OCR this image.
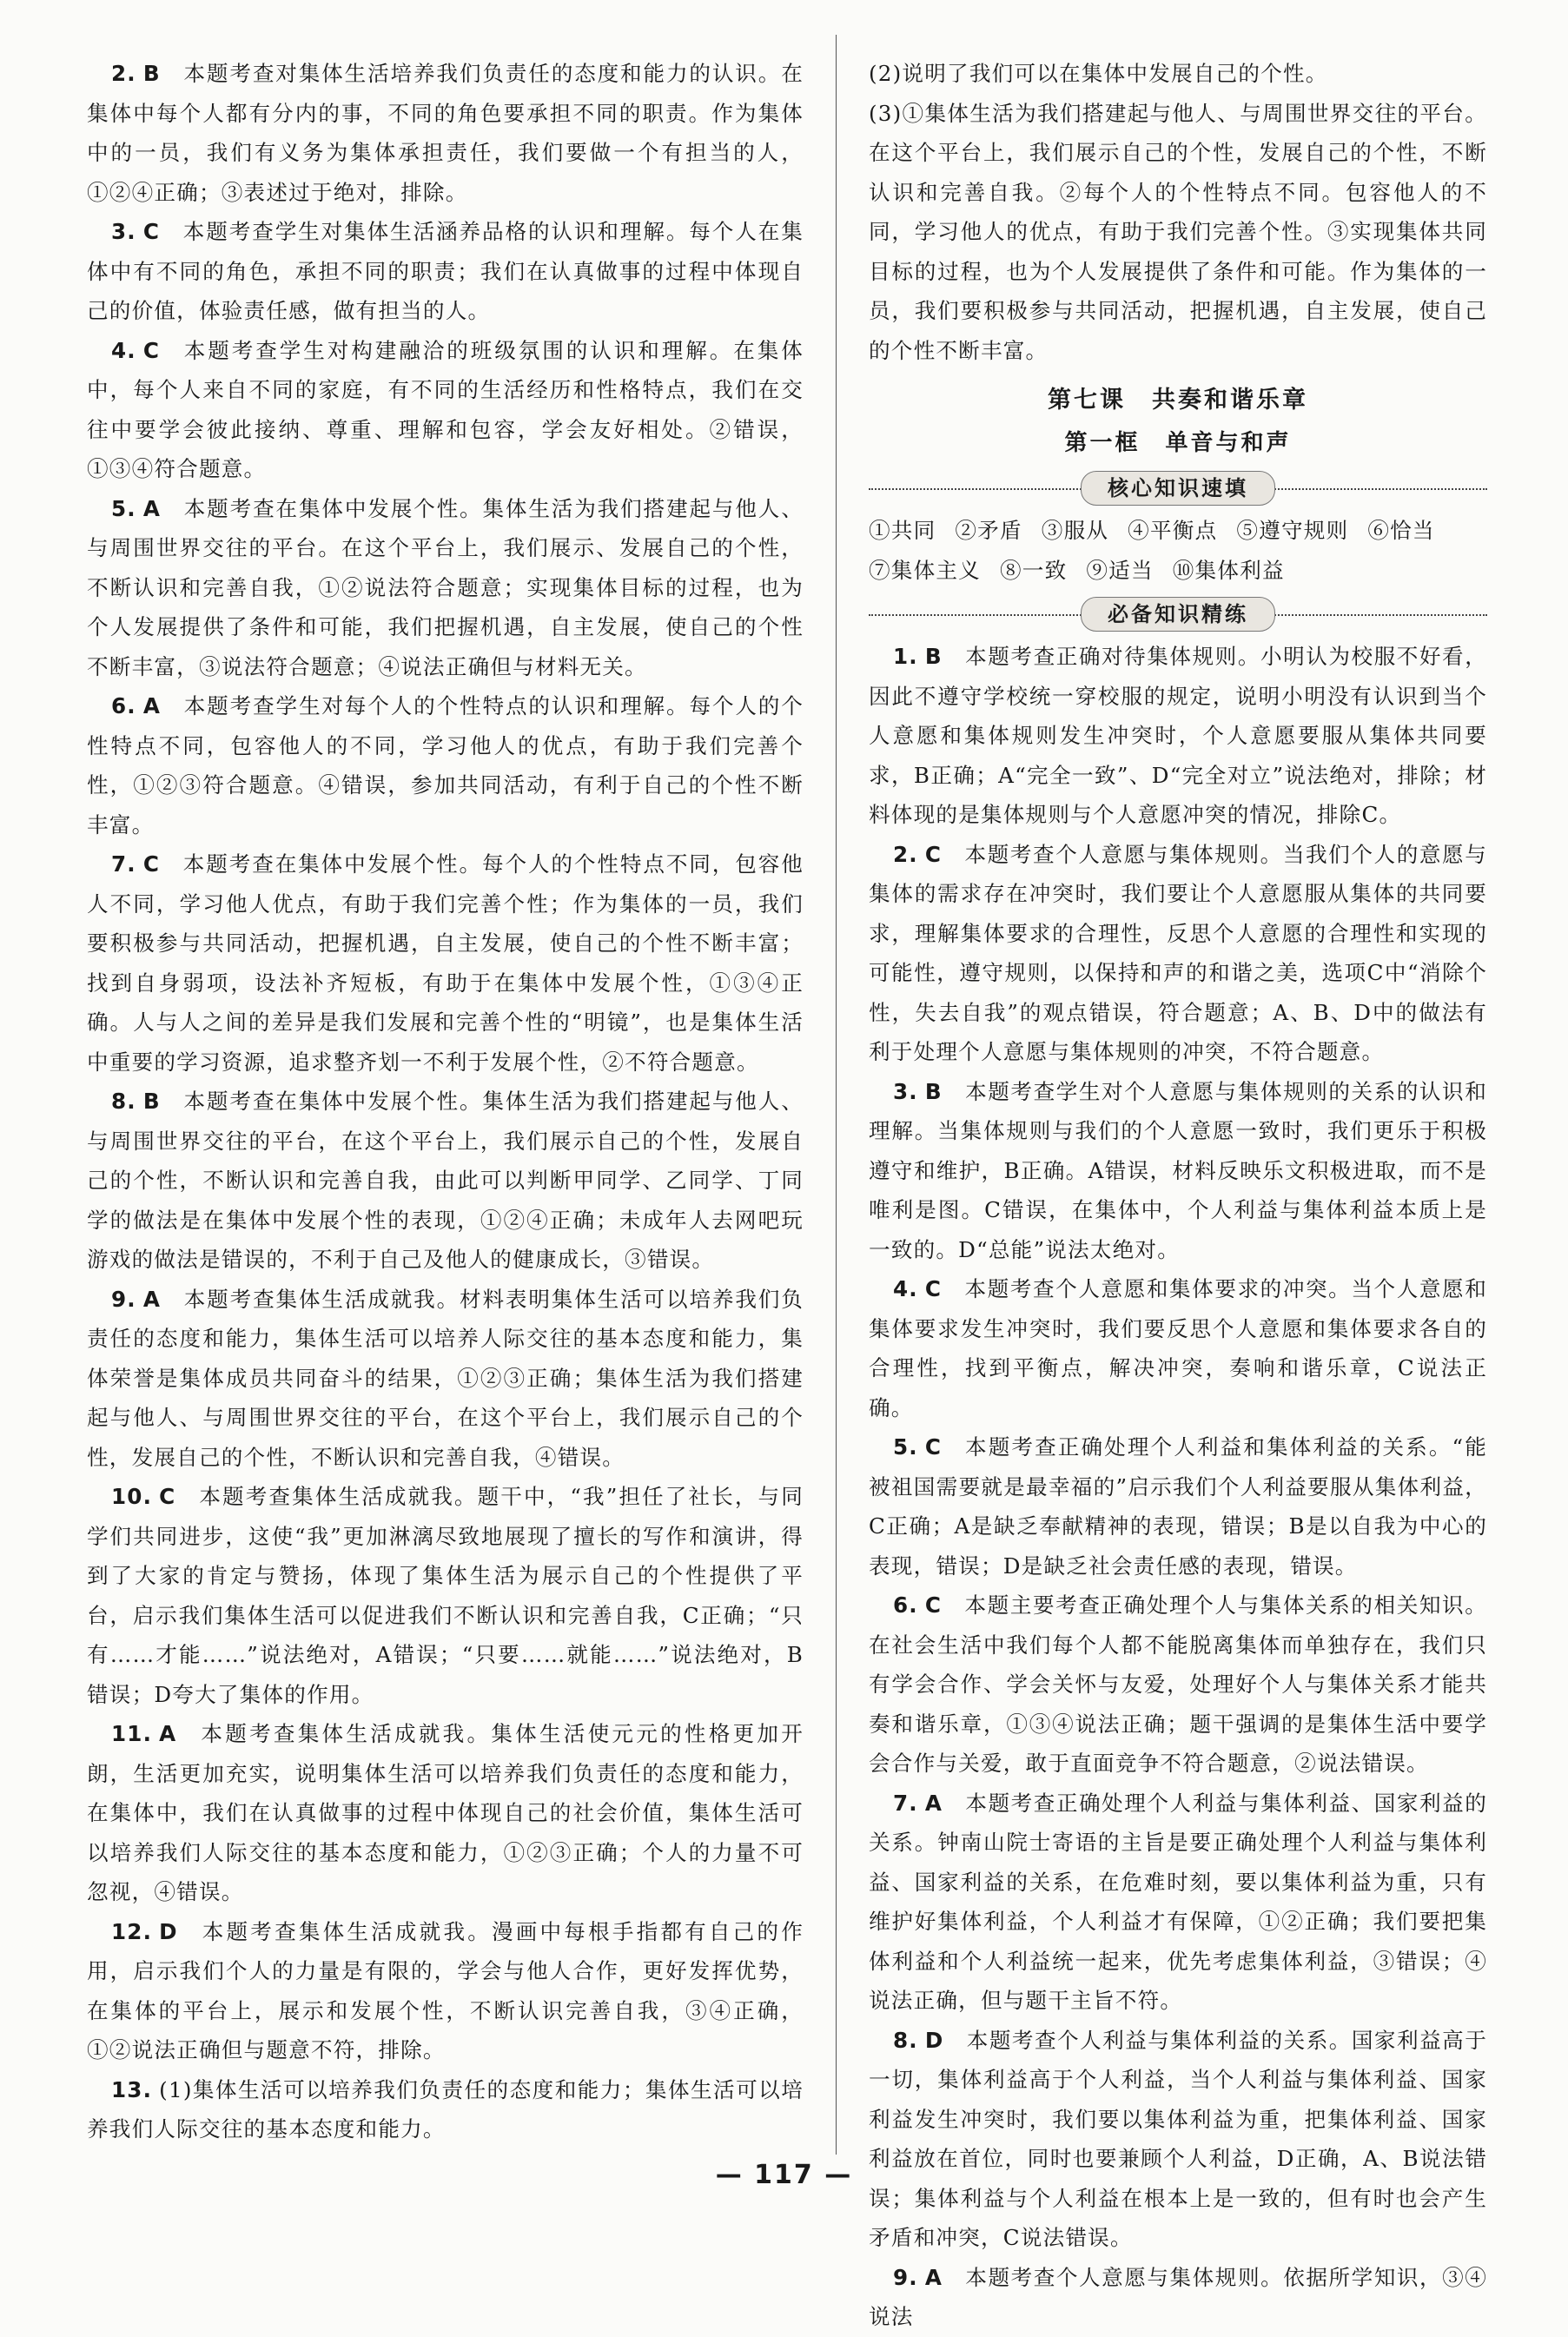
2. B 本题考查对集体生活培养我们负责任的态度和能力的认识。在集体中每个人都有分内的事，不同的角色要承担不同的职责。作为集体中的一员，我们有义务为集体承担责任，我们要做一个有担当的人，①②④正确；③表述过于绝对，排除。

3. C 本题考查学生对集体生活涵养品格的认识和理解。每个人在集体中有不同的角色，承担不同的职责；我们在认真做事的过程中体现自己的价值，体验责任感，做有担当的人。

4. C 本题考查学生对构建融洽的班级氛围的认识和理解。在集体中，每个人来自不同的家庭，有不同的生活经历和性格特点，我们在交往中要学会彼此接纳、尊重、理解和包容，学会友好相处。②错误，①③④符合题意。

5. A 本题考查在集体中发展个性。集体生活为我们搭建起与他人、与周围世界交往的平台。在这个平台上，我们展示、发展自己的个性，不断认识和完善自我，①②说法符合题意；实现集体目标的过程，也为个人发展提供了条件和可能，我们把握机遇，自主发展，使自己的个性不断丰富，③说法符合题意；④说法正确但与材料无关。

6. A 本题考查学生对每个人的个性特点的认识和理解。每个人的个性特点不同，包容他人的不同，学习他人的优点，有助于我们完善个性，①②③符合题意。④错误，参加共同活动，有利于自己的个性不断丰富。

7. C 本题考查在集体中发展个性。每个人的个性特点不同，包容他人不同，学习他人优点，有助于我们完善个性；作为集体的一员，我们要积极参与共同活动，把握机遇，自主发展，使自己的个性不断丰富；找到自身弱项，设法补齐短板，有助于在集体中发展个性，①③④正确。人与人之间的差异是我们发展和完善个性的“明镜”，也是集体生活中重要的学习资源，追求整齐划一不利于发展个性，②不符合题意。

8. B 本题考查在集体中发展个性。集体生活为我们搭建起与他人、与周围世界交往的平台，在这个平台上，我们展示自己的个性，发展自己的个性，不断认识和完善自我，由此可以判断甲同学、乙同学、丁同学的做法是在集体中发展个性的表现，①②④正确；未成年人去网吧玩游戏的做法是错误的，不利于自己及他人的健康成长，③错误。

9. A 本题考查集体生活成就我。材料表明集体生活可以培养我们负责任的态度和能力，集体生活可以培养人际交往的基本态度和能力，集体荣誉是集体成员共同奋斗的结果，①②③正确；集体生活为我们搭建起与他人、与周围世界交往的平台，在这个平台上，我们展示自己的个性，发展自己的个性，不断认识和完善自我，④错误。

10. C 本题考查集体生活成就我。题干中，“我”担任了社长，与同学们共同进步，这使“我”更加淋漓尽致地展现了擅长的写作和演讲，得到了大家的肯定与赞扬，体现了集体生活为展示自己的个性提供了平台，启示我们集体生活可以促进我们不断认识和完善自我，C正确；“只有……才能……”说法绝对，A错误；“只要……就能……”说法绝对，B错误；D夸大了集体的作用。

11. A 本题考查集体生活成就我。集体生活使元元的性格更加开朗，生活更加充实，说明集体生活可以培养我们负责任的态度和能力，在集体中，我们在认真做事的过程中体现自己的社会价值，集体生活可以培养我们人际交往的基本态度和能力，①②③正确；个人的力量不可忽视，④错误。

12. D 本题考查集体生活成就我。漫画中每根手指都有自己的作用，启示我们个人的力量是有限的，学会与他人合作，更好发挥优势，在集体的平台上，展示和发展个性，不断认识完善自我，③④正确，①②说法正确但与题意不符，排除。

13. (1)集体生活可以培养我们负责任的态度和能力；集体生活可以培养我们人际交往的基本态度和能力。

(2)说明了我们可以在集体中发展自己的个性。

(3)①集体生活为我们搭建起与他人、与周围世界交往的平台。在这个平台上，我们展示自己的个性，发展自己的个性，不断认识和完善自我。②每个人的个性特点不同。包容他人的不同，学习他人的优点，有助于我们完善个性。③实现集体共同目标的过程，也为个人发展提供了条件和可能。作为集体的一员，我们要积极参与共同活动，把握机遇，自主发展，使自己的个性不断丰富。

第七课　共奏和谐乐章
第一框　单音与和声
核心知识速填

①共同 ②矛盾 ③服从 ④平衡点 ⑤遵守规则 ⑥恰当

⑦集体主义 ⑧一致 ⑨适当 ⑩集体利益

必备知识精练

1. B 本题考查正确对待集体规则。小明认为校服不好看，因此不遵守学校统一穿校服的规定，说明小明没有认识到当个人意愿和集体规则发生冲突时，个人意愿要服从集体共同要求，B正确；A“完全一致”、D“完全对立”说法绝对，排除；材料体现的是集体规则与个人意愿冲突的情况，排除C。

2. C 本题考查个人意愿与集体规则。当我们个人的意愿与集体的需求存在冲突时，我们要让个人意愿服从集体的共同要求，理解集体要求的合理性，反思个人意愿的合理性和实现的可能性，遵守规则，以保持和声的和谐之美，选项C中“消除个性，失去自我”的观点错误，符合题意；A、B、D中的做法有利于处理个人意愿与集体规则的冲突，不符合题意。

3. B 本题考查学生对个人意愿与集体规则的关系的认识和理解。当集体规则与我们的个人意愿一致时，我们更乐于积极遵守和维护，B正确。A错误，材料反映乐文积极进取，而不是唯利是图。C错误，在集体中，个人利益与集体利益本质上是一致的。D“总能”说法太绝对。

4. C 本题考查个人意愿和集体要求的冲突。当个人意愿和集体要求发生冲突时，我们要反思个人意愿和集体要求各自的合理性，找到平衡点，解决冲突，奏响和谐乐章，C说法正确。

5. C 本题考查正确处理个人利益和集体利益的关系。“能被祖国需要就是最幸福的”启示我们个人利益要服从集体利益，C正确；A是缺乏奉献精神的表现，错误；B是以自我为中心的表现，错误；D是缺乏社会责任感的表现，错误。

6. C 本题主要考查正确处理个人与集体关系的相关知识。在社会生活中我们每个人都不能脱离集体而单独存在，我们只有学会合作、学会关怀与友爱，处理好个人与集体关系才能共奏和谐乐章，①③④说法正确；题干强调的是集体生活中要学会合作与关爱，敢于直面竞争不符合题意，②说法错误。

7. A 本题考查正确处理个人利益与集体利益、国家利益的关系。钟南山院士寄语的主旨是要正确处理个人利益与集体利益、国家利益的关系，在危难时刻，要以集体利益为重，只有维护好集体利益，个人利益才有保障，①②正确；我们要把集体利益和个人利益统一起来，优先考虑集体利益，③错误；④说法正确，但与题干主旨不符。

8. D 本题考查个人利益与集体利益的关系。国家利益高于一切，集体利益高于个人利益，当个人利益与集体利益、国家利益发生冲突时，我们要以集体利益为重，把集体利益、国家利益放在首位，同时也要兼顾个人利益，D正确，A、B说法错误；集体利益与个人利益在根本上是一致的，但有时也会产生矛盾和冲突，C说法错误。

9. A 本题考查个人意愿与集体规则。依据所学知识，③④说法

— 117 —
